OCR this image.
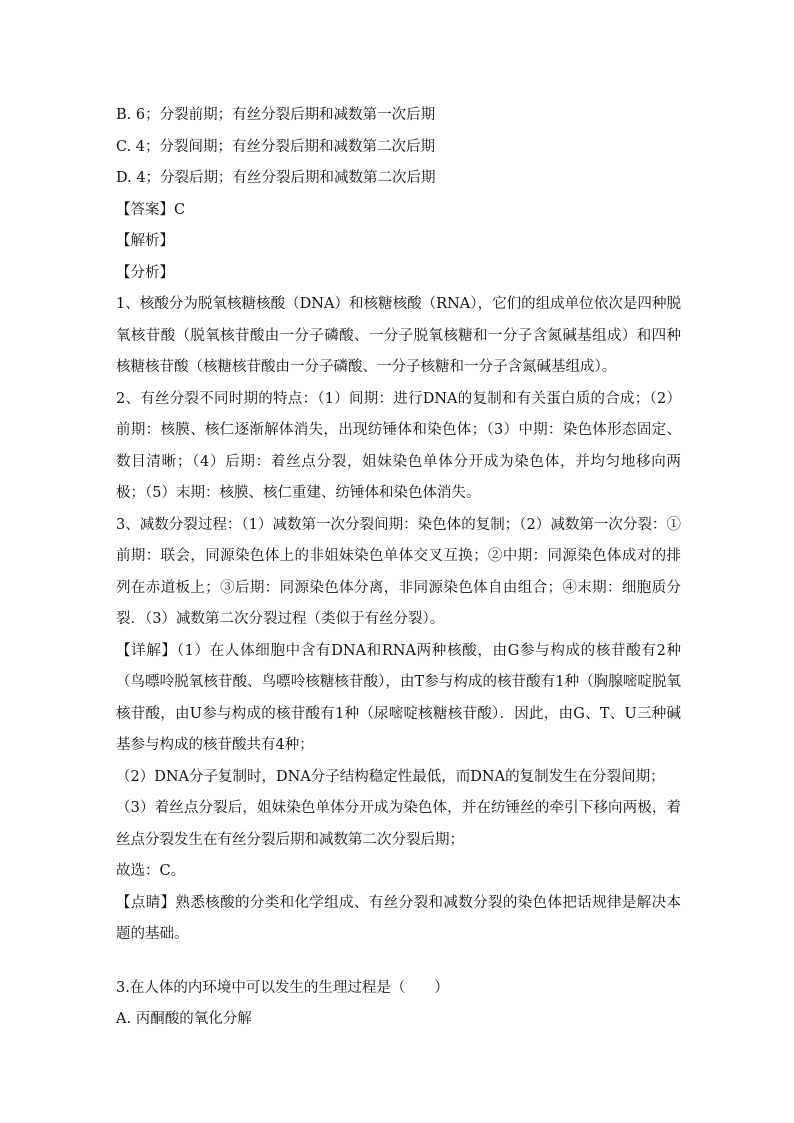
B. 6；分裂前期；有丝分裂后期和减数第一次后期
C. 4；分裂间期；有丝分裂后期和减数第二次后期
D. 4；分裂后期；有丝分裂后期和减数第二次后期
【答案】C
【解析】
【分析】
1、核酸分为脱氧核糖核酸（DNA）和核糖核酸（RNA），它们的组成单位依次是四种脱氧核苷酸（脱氧核苷酸由一分子磷酸、一分子脱氧核糖和一分子含氮碱基组成）和四种核糖核苷酸（核糖核苷酸由一分子磷酸、一分子核糖和一分子含氮碱基组成）。
2、有丝分裂不同时期的特点：（1）间期：进行DNA的复制和有关蛋白质的合成；（2）前期：核膜、核仁逐渐解体消失，出现纺锤体和染色体；（3）中期：染色体形态固定、数目清晰；（4）后期：着丝点分裂，姐妹染色单体分开成为染色体，并均匀地移向两极；（5）末期：核膜、核仁重建、纺锤体和染色体消失。
3、减数分裂过程：（1）减数第一次分裂间期：染色体的复制；（2）减数第一次分裂：①前期：联会，同源染色体上的非姐妹染色单体交叉互换；②中期：同源染色体成对的排列在赤道板上；③后期：同源染色体分离，非同源染色体自由组合；④末期：细胞质分裂．（3）减数第二次分裂过程（类似于有丝分裂）。
【详解】（1）在人体细胞中含有DNA和RNA两种核酸，由G参与构成的核苷酸有2种（鸟嘌呤脱氧核苷酸、鸟嘌呤核糖核苷酸），由T参与构成的核苷酸有1种（胸腺嘧啶脱氧核苷酸，由U参与构成的核苷酸有1种（尿嘧啶核糖核苷酸）．因此，由G、T、U三种碱基参与构成的核苷酸共有4种；
（2）DNA分子复制时，DNA分子结构稳定性最低，而DNA的复制发生在分裂间期；
（3）着丝点分裂后，姐妹染色单体分开成为染色体，并在纺锤丝的牵引下移向两极，着丝点分裂发生在有丝分裂后期和减数第二次分裂后期；
故选：C。
【点睛】熟悉核酸的分类和化学组成、有丝分裂和减数分裂的染色体把话规律是解决本题的基础。
3.在人体的内环境中可以发生的生理过程是（　　）
A. 丙酮酸的氧化分解
